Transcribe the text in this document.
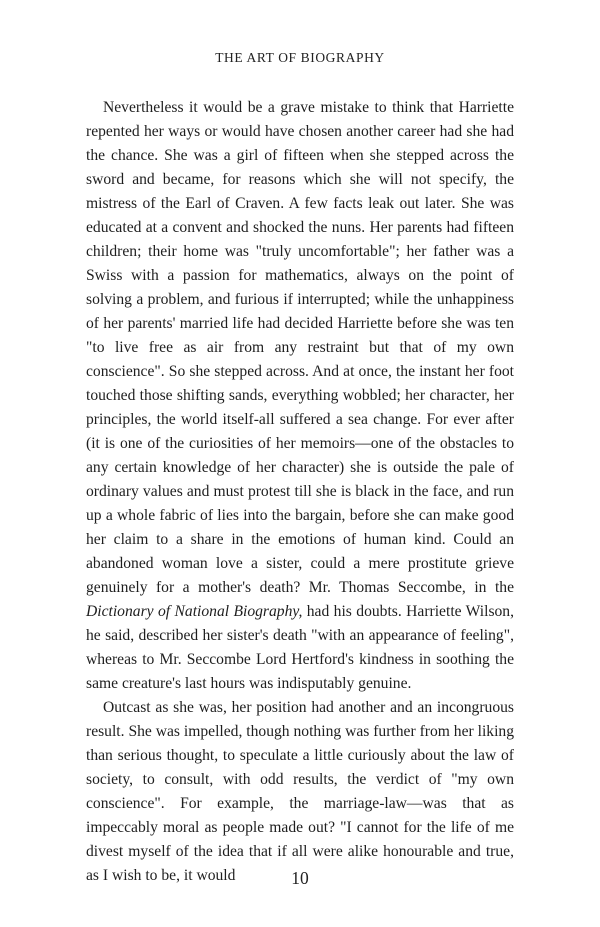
THE ART OF BIOGRAPHY

Nevertheless it would be a grave mistake to think that Harriette repented her ways or would have chosen another career had she had the chance. She was a girl of fifteen when she stepped across the sword and became, for reasons which she will not specify, the mistress of the Earl of Craven. A few facts leak out later. She was educated at a convent and shocked the nuns. Her parents had fifteen children; their home was "truly uncomfortable"; her father was a Swiss with a passion for mathematics, always on the point of solving a problem, and furious if interrupted; while the unhappiness of her parents' married life had decided Harriette before she was ten "to live free as air from any restraint but that of my own conscience". So she stepped across. And at once, the instant her foot touched those shifting sands, everything wobbled; her character, her principles, the world itself-all suffered a sea change. For ever after (it is one of the curiosities of her memoirs—one of the obstacles to any certain knowledge of her character) she is outside the pale of ordinary values and must protest till she is black in the face, and run up a whole fabric of lies into the bargain, before she can make good her claim to a share in the emotions of human kind. Could an abandoned woman love a sister, could a mere prostitute grieve genuinely for a mother's death? Mr. Thomas Seccombe, in the Dictionary of National Biography, had his doubts. Harriette Wilson, he said, described her sister's death "with an appearance of feeling", whereas to Mr. Seccombe Lord Hertford's kindness in soothing the same creature's last hours was indisputably genuine.

Outcast as she was, her position had another and an incongruous result. She was impelled, though nothing was further from her liking than serious thought, to speculate a little curiously about the law of society, to consult, with odd results, the verdict of "my own conscience". For example, the marriage-law—was that as impeccably moral as people made out? "I cannot for the life of me divest myself of the idea that if all were alike honourable and true, as I wish to be, it would	10
